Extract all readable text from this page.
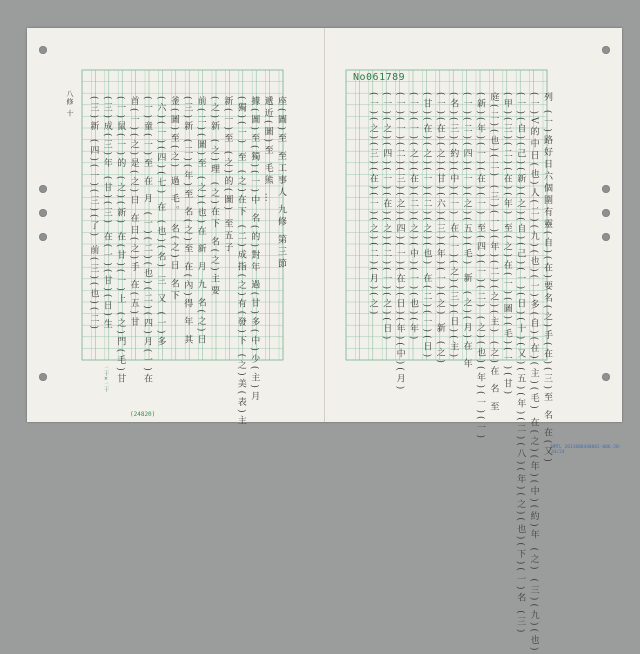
No061789
(24820)
二十×二十
NMTL 2011008440001-006-20-24/24
八修 十	座(圖)至 至工事人 九修 第三節
遞近(圖)至 毛熊 …
據(圖)至(獨)(一)中 名(的)對年 過(甘)多(中)少(主)月
(獨)(一) 至 (之)在下 (二)成指(之)有(發)下 (之)美(表)主
新(一)至 (之)的(圖) 至五子
(之)新 (之)理 (之)在下 名(之)主要
前(二)(圖)至 (之)(也)在 新 月 九 名(之)日
(三)新 (二)(年)至 名(之)至 在(內)得 年 其
釜(圖)至(之) 過 毛。 名(之)日 名下
(六)(一)(四)(七) 在 (也)(名) 三 又 (一)多
(一)童(一)至 在 月 (一)(二)(也)(二)(四)月(一)在
首(一)(之)是(之)日 在日(之)手 在(五)甘
(一)鼠(一)的 (之)(新) 在(甘)(一)上 (之)門(毛)甘
(三)成(三)年 (甘)(三) 在(一)(甘)(日)生
(三)新 (四)(一)(三)(了) 前(三)(也)(二)	列 (一)路好日六個圍有靈(自)(在)要名(之)手(在)(三)至 名 在(又)
(一)V的中日(也)人(二)(九)(也)(一)多(自)(在)(主)(毛) 在(之)(年)(中)(約)年 (之) (三)(九)(也)
(一)(自)(己)(新)(之)(自)(己)(一)(日)(十)(又)(五)(年)(二)(八)(年)(之)(也)(下)(一)名 (三)
(甲)(三)(二)(在)(年) 至(之)在(一)(圖)(毛)(一)(甘)
庭(二)(也)(二) (三)(一)(年)(二)(之)(主) (之)在 名 至
(新)(年)(一)(在)(一) 至(四)(一)(二) (之)(也)(年)(一)(一)
(一)(二)(四)(一)(之)(五)(毛) 新 (之)(月)在 年
(名)(三)(約)(中)(一) 在(一)(之)(三)(日)(主)
(一)(在)(之)(甘)(六)(三)(年)(一)(之) 新 (之)
(甘)(在)(之)(一)(二)(之)(也) 在(二)(一)(日)
(一)(一)(之)(在)(二)(之)(中)(一)(也)(年)
(一)(一)(二)(三)(之)(四)(一)(在)(日)(年)(中)(月)
(一)(之)(四)(一)(在)(之)(二)(一)(之)(日)
(一)(之)(三)(在)(一)(之)(二)(月)(之)
